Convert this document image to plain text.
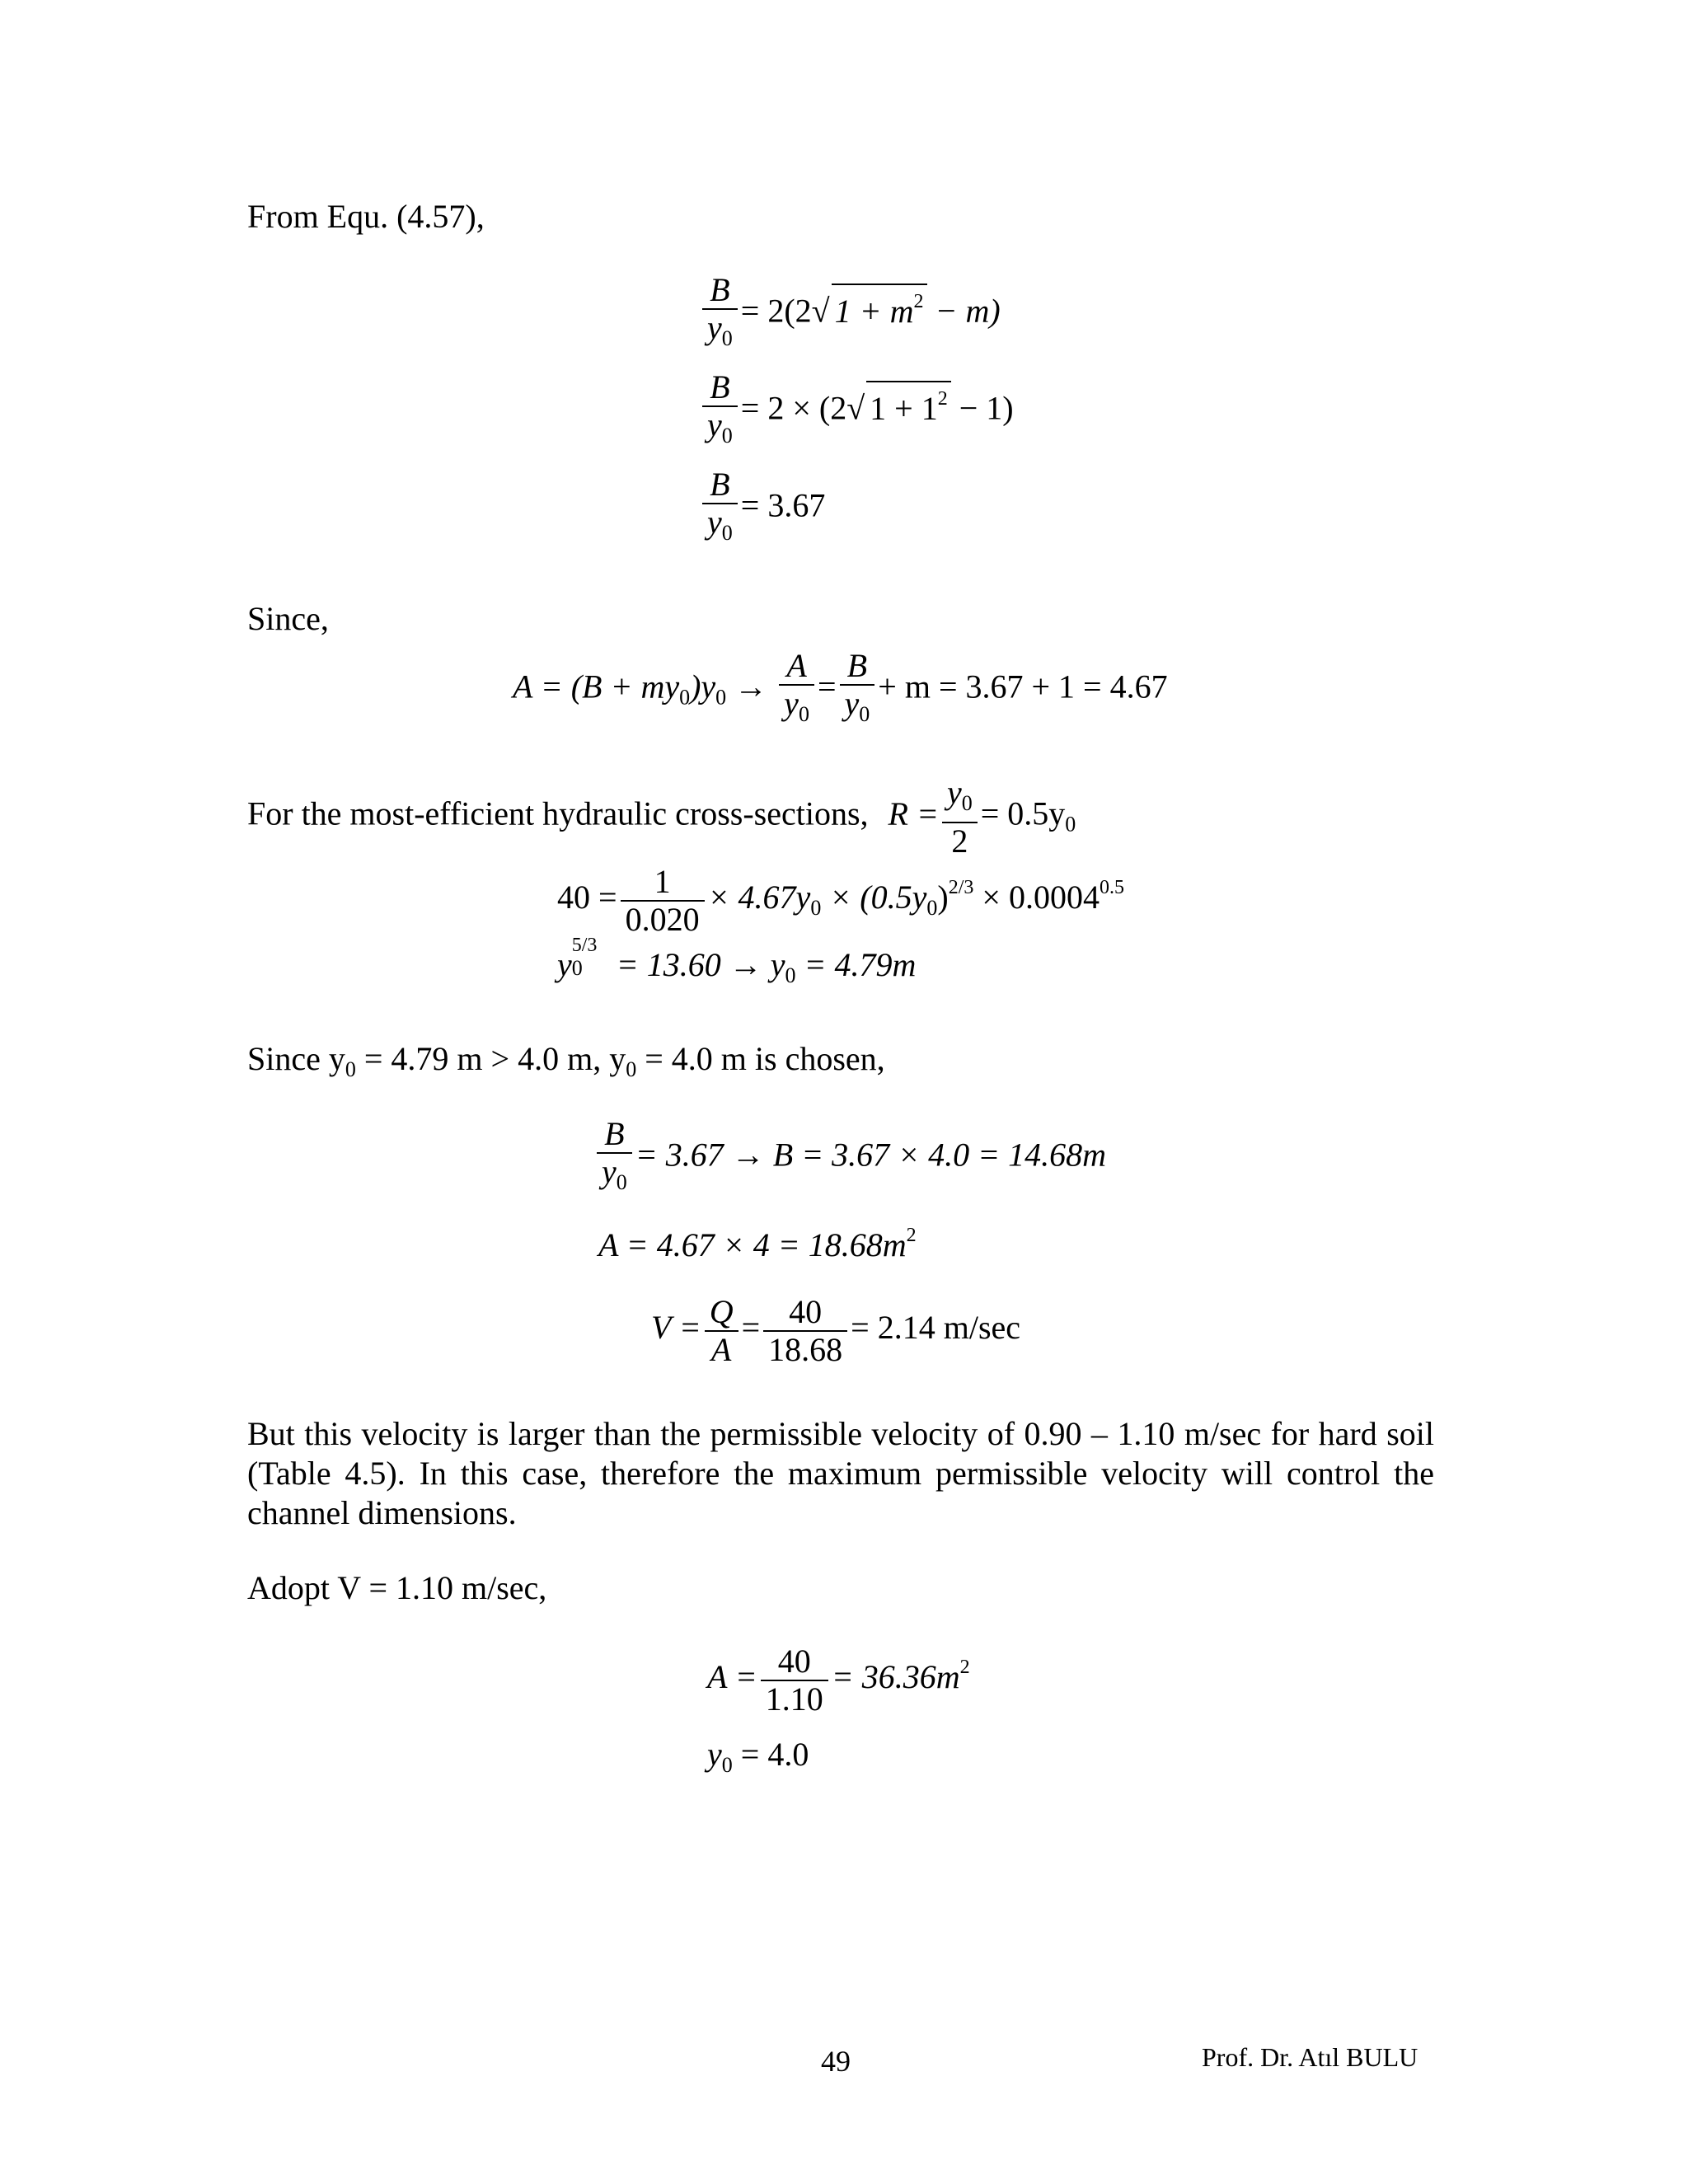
From Equ. (4.57),
$\frac{B}{y_0} = 2(2√$ $1 + m^2 - m$)
$\frac{B}{y_0} = 2 \times (2√$ $1 + 1^2 - 1$)
$\frac{B}{y_0} = 3.67$
Since,
$A = (B + my_0)y_0 \to \frac{A}{y_0} = \frac{B}{y_0} + m = 3.67 + 1 = 4.67$
For the most-efficient hydraulic cross-sections, $R = \frac{y_0}{2} = 0.5y_0$
$40 = \frac{1}{0.020} \times 4.67y_0 \times (0.5y_0)^{2/3} \times 0.0004^{0.5}$
y
5/3
$0 = 13.60 \to y_0 = 4.79m$
Since $y_0 = 4.79$ m > 4.0 m, $y_0 = 4.0$ m is chosen,
$\frac{B}{y_0} = 3.67 \to B = 3.67 \times 4.0 = 14.68m$
$A = 4.67 \times 4 = 18.68m^2$
$V = \frac{Q}{A} = \frac{40}{18.68} = 2.14$ m/sec
But this velocity is larger than the permissible velocity of 0.90 – 1.10 m/sec for hard soil (Table 4.5). In this case, therefore the maximum permissible velocity will control the channel dimensions.
Adopt V = 1.10 m/sec,
$A = \frac{40}{1.10} = 36.36m^2$
$y_0 = 4.0$
49	Prof. Dr. Atıl BULU
